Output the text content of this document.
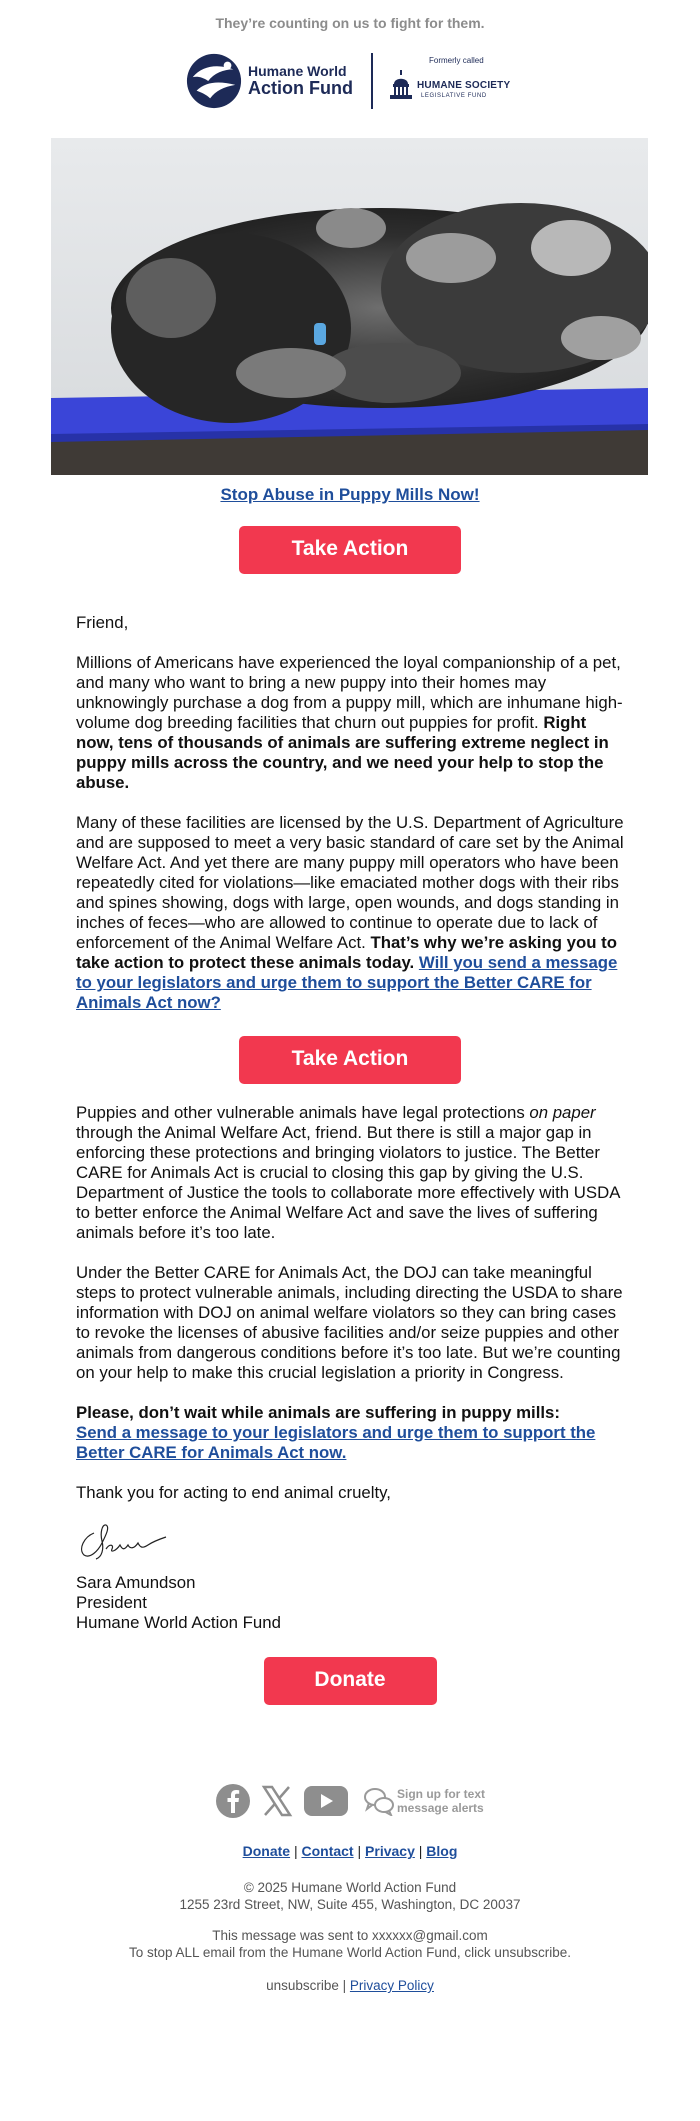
They’re counting on us to fight for them.
Humane World
Action Fund
Formerly called
HUMANE SOCIETY
LEGISLATIVE FUND
Stop Abuse in Puppy Mills Now!
Take Action

Friend,

Millions of Americans have experienced the loyal companionship of a pet, and many who want to bring a new puppy into their homes may unknowingly purchase a dog from a puppy mill, which are inhumane high-volume dog breeding facilities that churn out puppies for profit. Right now, tens of thousands of animals are suffering extreme neglect in puppy mills across the country, and we need your help to stop the abuse.

Many of these facilities are licensed by the U.S. Department of Agriculture and are supposed to meet a very basic standard of care set by the Animal Welfare Act. And yet there are many puppy mill operators who have been repeatedly cited for violations—like emaciated mother dogs with their ribs and spines showing, dogs with large, open wounds, and dogs standing in inches of feces—who are allowed to continue to operate due to lack of enforcement of the Animal Welfare Act. That’s why we’re asking you to take action to protect these animals today. Will you send a message to your legislators and urge them to support the Better CARE for Animals Act now?

Take Action

Puppies and other vulnerable animals have legal protections on paper through the Animal Welfare Act, friend. But there is still a major gap in enforcing these protections and bringing violators to justice. The Better CARE for Animals Act is crucial to closing this gap by giving the U.S. Department of Justice the tools to collaborate more effectively with USDA to better enforce the Animal Welfare Act and save the lives of suffering animals before it’s too late.

Under the Better CARE for Animals Act, the DOJ can take meaningful steps to protect vulnerable animals, including directing the USDA to share information with DOJ on animal welfare violators so they can bring cases to revoke the licenses of abusive facilities and/or seize puppies and other animals from dangerous conditions before it’s too late. But we’re counting on your help to make this crucial legislation a priority in Congress.

Please, don’t wait while animals are suffering in puppy mills:
Send a message to your legislators and urge them to support the Better CARE for Animals Act now.

Thank you for acting to end animal cruelty,

Sara Amundson

President

Humane World Action Fund

Donate
Sign up for text
message alerts
Donate | Contact | Privacy | Blog
© 2025 Humane World Action Fund
1255 23rd Street, NW, Suite 455, Washington, DC 20037
This message was sent to xxxxxx@gmail.com
To stop ALL email from the Humane World Action Fund, click unsubscribe.
unsubscribe | Privacy Policy
